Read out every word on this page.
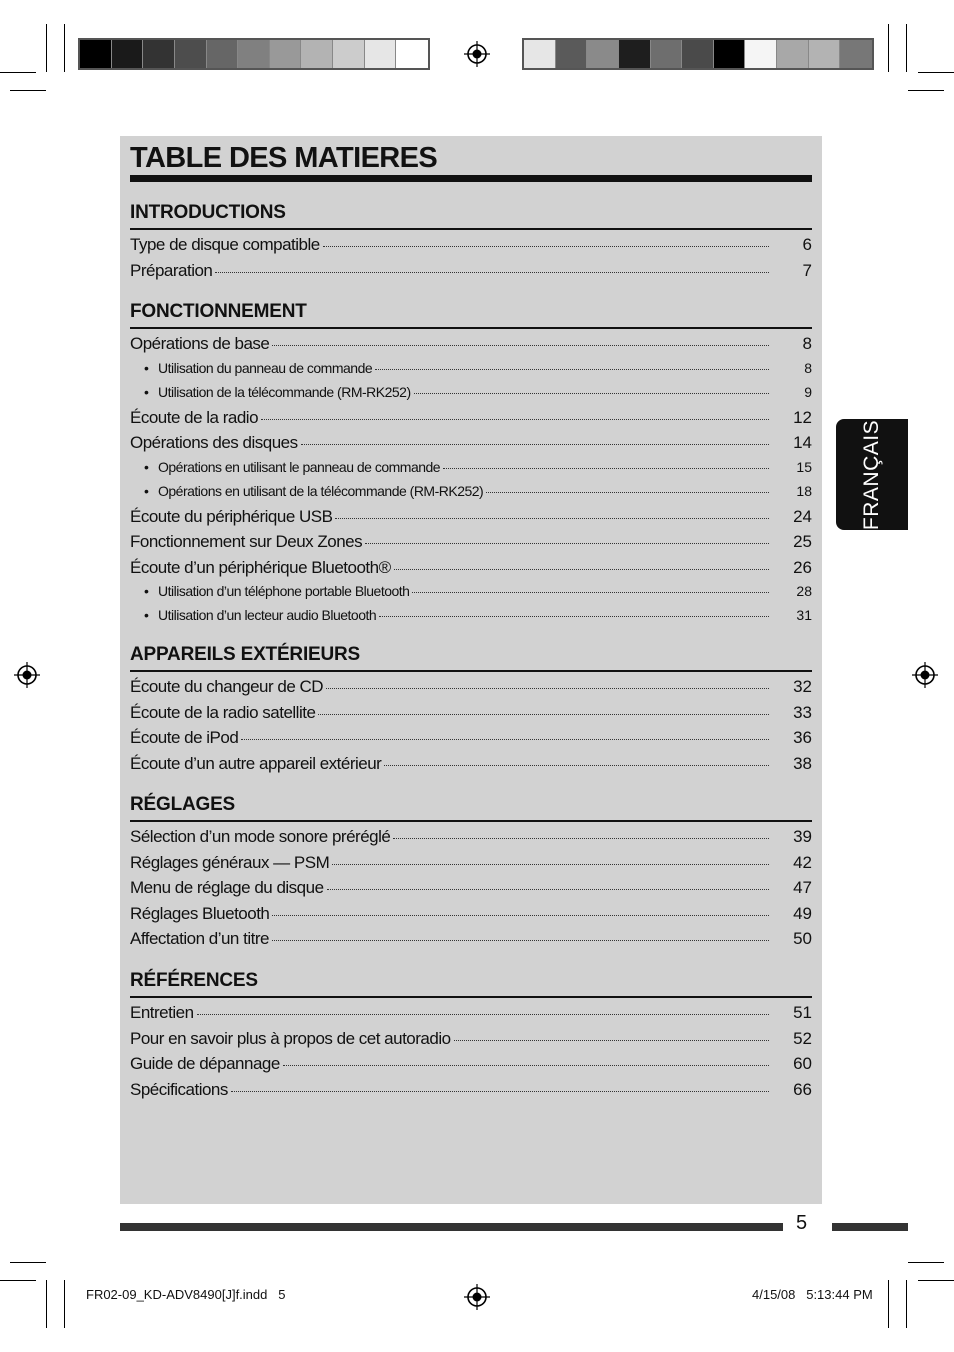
TABLE DES MATIERES
INTRODUCTIONS
Type de disque compatible	6
Préparation	7
FONCTIONNEMENT
Opérations de base	8
• Utilisation du panneau de commande	8
• Utilisation de la télécommande (RM-RK252)	9
Écoute de la radio	12
Opérations des disques	14
• Opérations en utilisant le panneau de commande	15
• Opérations en utilisant de la télécommande (RM-RK252)	18
Écoute du périphérique USB	24
Fonctionnement sur Deux Zones	25
Écoute d’un périphérique Bluetooth®	26
• Utilisation d’un téléphone portable Bluetooth	28
• Utilisation d’un lecteur audio Bluetooth	31
APPAREILS EXTÉRIEURS
Écoute du changeur de CD	32
Écoute de la radio satellite	33
Écoute de iPod	36
Écoute d’un autre appareil extérieur	38
RÉGLAGES
Sélection d’un mode sonore préréglé	39
Réglages généraux — PSM	42
Menu de réglage du disque	47
Réglages Bluetooth	49
Affectation d’un titre	50
RÉFÉRENCES
Entretien	51
Pour en savoir plus à propos de cet autoradio	52
Guide de dépannage	60
Spécifications	66
FRANÇAIS
5
FR02-09_KD-ADV8490[J]f.indd   5	4/15/08   5:13:44 PM
